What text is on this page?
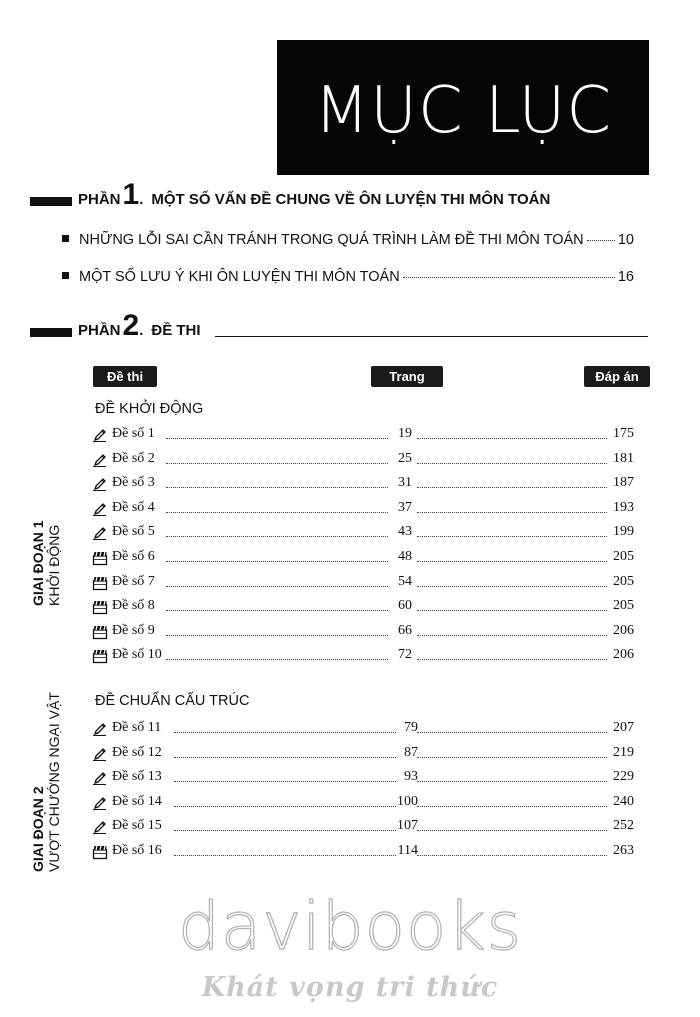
MỤC LỤC
PHẦN 1 . MỘT SỐ VẤN ĐỀ CHUNG VỀ ÔN LUYỆN THI MÔN TOÁN
NHỮNG LỖI SAI CẦN TRÁNH TRONG QUÁ TRÌNH LÀM ĐỀ THI MÔN TOÁN 10
MỘT SỐ LƯU Ý KHI ÔN LUYỆN THI MÔN TOÁN	16
PHẦN 2 . ĐỀ THI
Đề thi	Trang	Đáp án
GIAI ĐOẠN 1 KHỞI ĐỘNG
GIAI ĐOẠN 2 VƯỢT CHƯỚNG NGẠI VẬT
ĐỀ KHỞI ĐỘNG
ĐỀ CHUẨN CẤU TRÚC
Đề số 1	19	175
Đề số 2	25	181
Đề số 3	31	187
Đề số 4	37	193
Đề số 5	43	199
Đề số 6	48	205
Đề số 7	54	205
Đề số 8	60	205
Đề số 9	66	206
Đề số 10	72	206
Đề số 11	79	207
Đề số 12	87	219
Đề số 13	93	229
Đề số 14	100	240
Đề số 15	107	252
Đề số 16	114	263
davibooks
Khát vọng tri thức
